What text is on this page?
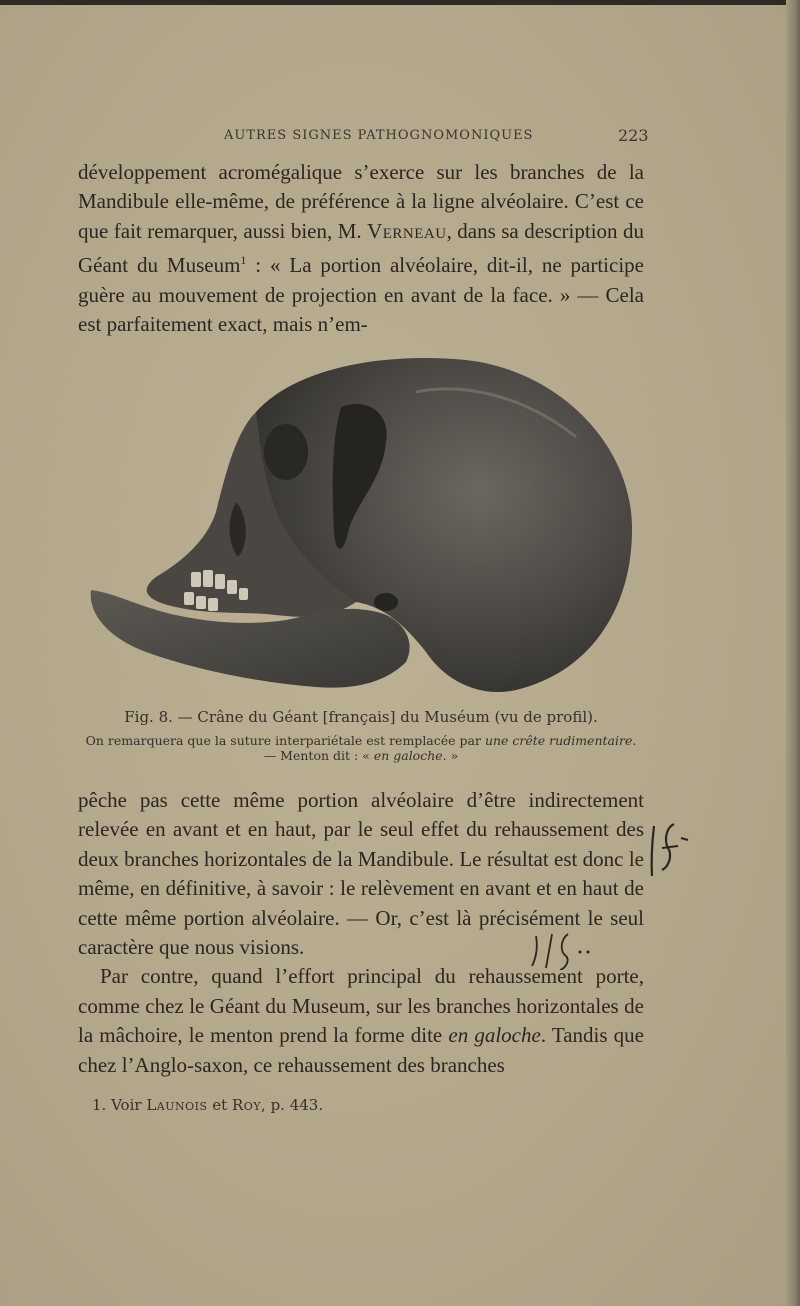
AUTRES SIGNES PATHOGNOMONIQUES	223

développement acromégalique s’exerce sur les branches de la Mandibule elle-même, de préférence à la ligne alvéolaire. C’est ce que fait remarquer, aussi bien, M. Verneau, dans sa description du Géant du Museum$^1$ : « La portion alvéolaire, dit-il, ne participe guère au mouvement de projection en avant de la face. » — Cela est parfaitement exact, mais n’em-

Fig. 8. — Crâne du Géant [français] du Muséum (vu de profil).
On remarquera que la suture interpariétale est remplacée par une crête rudimentaire.
— Menton dit : « en galoche. »

pêche pas cette même portion alvéolaire d’être indirectement relevée en avant et en haut, par le seul effet du rehaussement des deux branches horizontales de la Mandibule. Le résultat est donc le même, en définitive, à savoir : le relèvement en avant et en haut de cette même portion alvéolaire. — Or, c’est là précisément le seul caractère que nous visions.

Par contre, quand l’effort principal du rehaussement porte, comme chez le Géant du Museum, sur les branches horizontales de la mâchoire, le menton prend la forme dite en galoche. Tandis que chez l’Anglo-saxon, ce rehaussement des branches

1. Voir Launois et Roy, p. 443.
